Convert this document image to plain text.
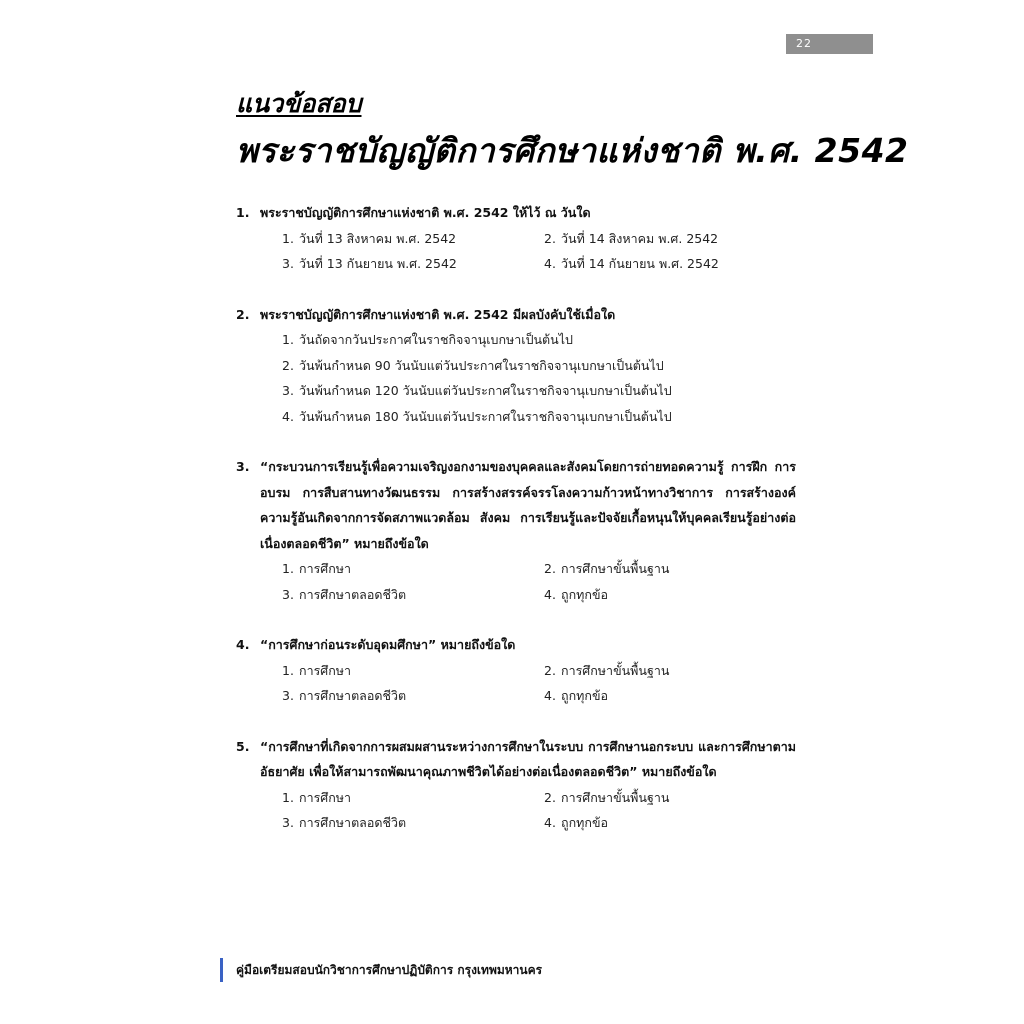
22
แนวข้อสอบ
พระราชบัญญัติการศึกษาแห่งชาติ พ.ศ. 2542
1. พระราชบัญญัติการศึกษาแห่งชาติ พ.ศ. 2542 ให้ไว้ ณ วันใด
1. วันที่ 13 สิงหาคม พ.ศ. 2542	2. วันที่ 14 สิงหาคม พ.ศ. 2542
3. วันที่ 13 กันยายน พ.ศ. 2542	4. วันที่ 14 กันยายน พ.ศ. 2542
2. พระราชบัญญัติการศึกษาแห่งชาติ พ.ศ. 2542 มีผลบังคับใช้เมื่อใด
1. วันถัดจากวันประกาศในราชกิจจานุเบกษาเป็นต้นไป
2. วันพ้นกำหนด 90 วันนับแต่วันประกาศในราชกิจจานุเบกษาเป็นต้นไป
3. วันพ้นกำหนด 120 วันนับแต่วันประกาศในราชกิจจานุเบกษาเป็นต้นไป
4. วันพ้นกำหนด 180 วันนับแต่วันประกาศในราชกิจจานุเบกษาเป็นต้นไป
3. “กระบวนการเรียนรู้เพื่อความเจริญงอกงามของบุคคลและสังคมโดยการถ่ายทอดความรู้ การฝึก การอบรม การสืบสานทางวัฒนธรรม การสร้างสรรค์จรรโลงความก้าวหน้าทางวิชาการ การสร้างองค์ความรู้อันเกิดจากการจัดสภาพแวดล้อม สังคม การเรียนรู้และปัจจัยเกื้อหนุนให้บุคคลเรียนรู้อย่างต่อเนื่องตลอดชีวิต” หมายถึงข้อใด
1. การศึกษา	2. การศึกษาขั้นพื้นฐาน
3. การศึกษาตลอดชีวิต	4. ถูกทุกข้อ
4. “การศึกษาก่อนระดับอุดมศึกษา” หมายถึงข้อใด
1. การศึกษา	2. การศึกษาขั้นพื้นฐาน
3. การศึกษาตลอดชีวิต	4. ถูกทุกข้อ
5. “การศึกษาที่เกิดจากการผสมผสานระหว่างการศึกษาในระบบ การศึกษานอกระบบ และการศึกษาตามอัธยาศัย เพื่อให้สามารถพัฒนาคุณภาพชีวิตได้อย่างต่อเนื่องตลอดชีวิต” หมายถึงข้อใด
1. การศึกษา	2. การศึกษาขั้นพื้นฐาน
3. การศึกษาตลอดชีวิต	4. ถูกทุกข้อ
คู่มือเตรียมสอบนักวิชาการศึกษาปฏิบัติการ กรุงเทพมหานคร
